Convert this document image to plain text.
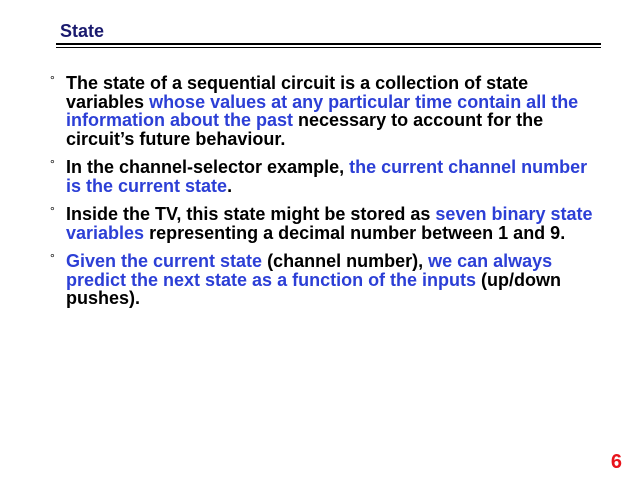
State
° The state of a sequential circuit is a collection of state variables whose values at any particular time contain all the information about the past necessary to account for the circuit’s future behaviour.
° In the channel-selector example, the current channel number is the current state.
° Inside the TV, this state might be stored as seven binary state variables representing a decimal number between 1 and 9.
° Given the current state (channel number), we can always predict the next state as a function of the inputs (up/down pushes).
6
